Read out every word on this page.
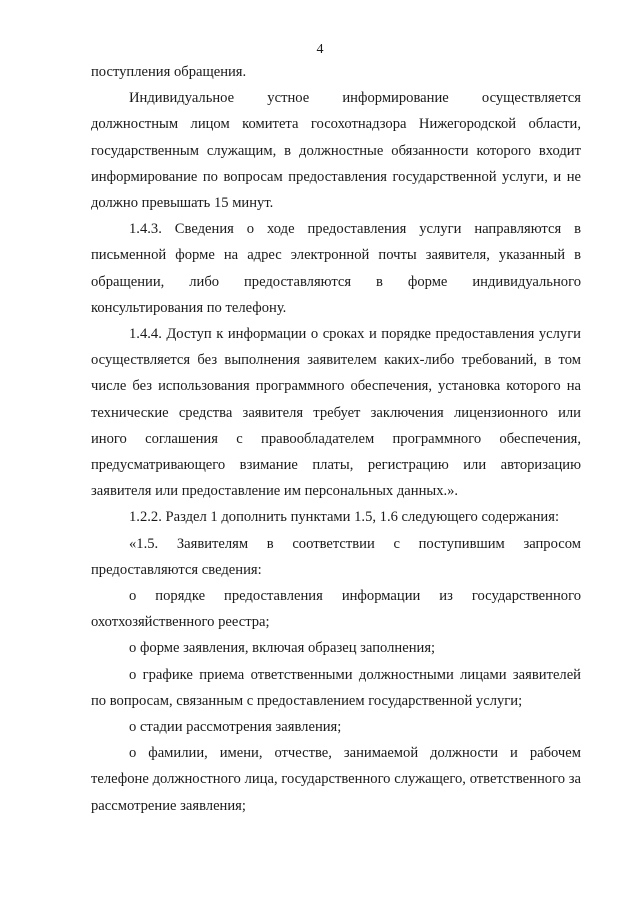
4

поступления обращения.

Индивидуальное устное информирование осуществляется должностным лицом комитета госохотнадзора Нижегородской области, государственным служащим, в должностные обязанности которого входит информирование по вопросам предоставления государственной услуги, и не должно превышать 15 минут.

1.4.3. Сведения о ходе предоставления услуги направляются в письменной форме на адрес электронной почты заявителя, указанный в обращении, либо предоставляются в форме индивидуального консультирования по телефону.

1.4.4. Доступ к информации о сроках и порядке предоставления услуги осуществляется без выполнения заявителем каких-либо требований, в том числе без использования программного обеспечения, установка которого на технические средства заявителя требует заключения лицензионного или иного соглашения с правообладателем программного обеспечения, предусматривающего взимание платы, регистрацию или авторизацию заявителя или предоставление им персональных данных.».

1.2.2. Раздел 1 дополнить пунктами 1.5, 1.6 следующего содержания:

«1.5. Заявителям в соответствии с поступившим запросом предоставляются сведения:

о порядке предоставления информации из государственного охотхозяйственного реестра;

о форме заявления, включая образец заполнения;

о графике приема ответственными должностными лицами заявителей по вопросам, связанным с предоставлением государственной услуги;

о стадии рассмотрения заявления;

о фамилии, имени, отчестве, занимаемой должности и рабочем телефоне должностного лица, государственного служащего, ответственного за рассмотрение заявления;
